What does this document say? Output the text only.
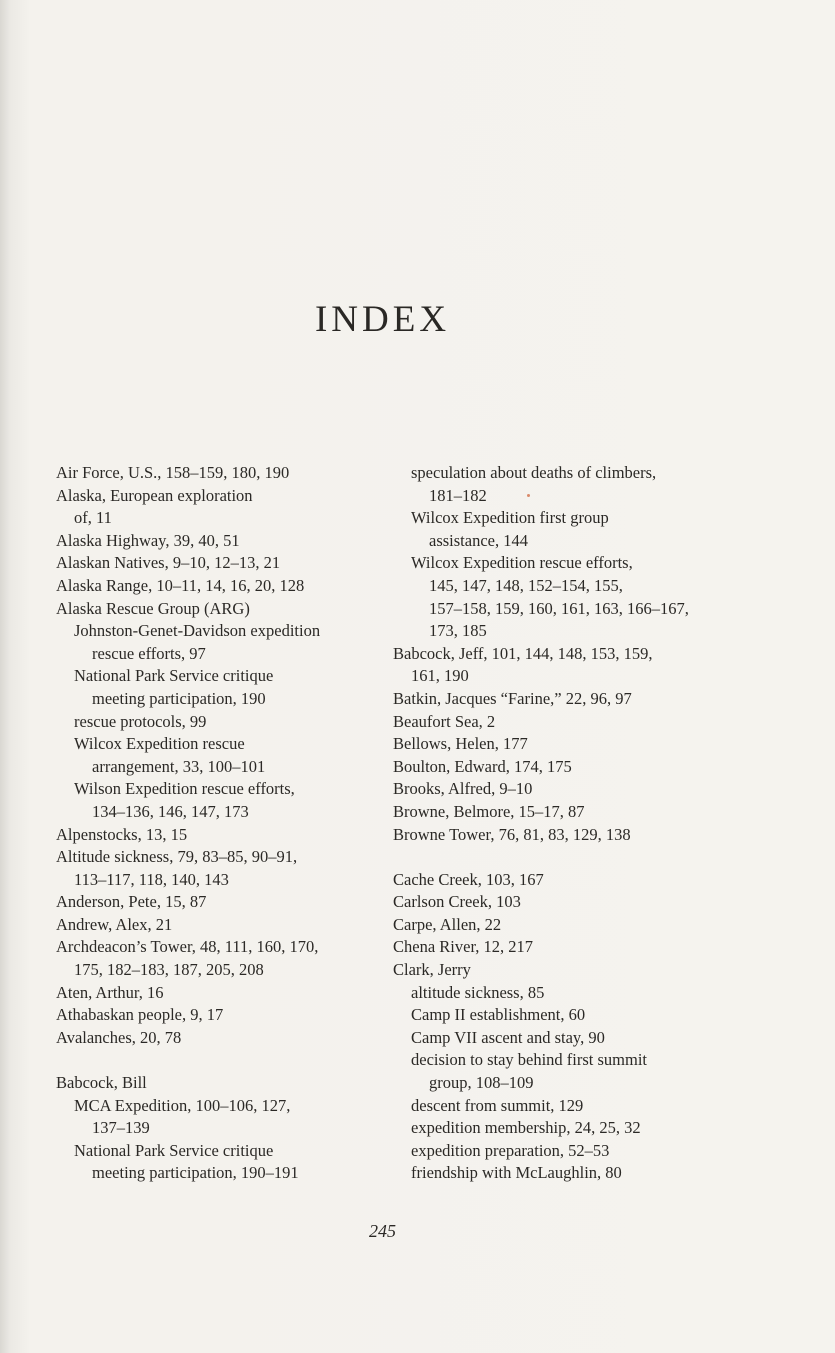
INDEX
Air Force, U.S., 158–159, 180, 190
Alaska, European exploration
of, 11
Alaska Highway, 39, 40, 51
Alaskan Natives, 9–10, 12–13, 21
Alaska Range, 10–11, 14, 16, 20, 128
Alaska Rescue Group (ARG)
Johnston-Genet-Davidson expedition
rescue efforts, 97
National Park Service critique
meeting participation, 190
rescue protocols, 99
Wilcox Expedition rescue
arrangement, 33, 100–101
Wilson Expedition rescue efforts,
134–136, 146, 147, 173
Alpenstocks, 13, 15
Altitude sickness, 79, 83–85, 90–91,
113–117, 118, 140, 143
Anderson, Pete, 15, 87
Andrew, Alex, 21
Archdeacon’s Tower, 48, 111, 160, 170,
175, 182–183, 187, 205, 208
Aten, Arthur, 16
Athabaskan people, 9, 17
Avalanches, 20, 78
Babcock, Bill
MCA Expedition, 100–106, 127,
137–139
National Park Service critique
meeting participation, 190–191
speculation about deaths of climbers,
181–182
Wilcox Expedition first group
assistance, 144
Wilcox Expedition rescue efforts,
145, 147, 148, 152–154, 155,
157–158, 159, 160, 161, 163, 166–167,
173, 185
Babcock, Jeff, 101, 144, 148, 153, 159,
161, 190
Batkin, Jacques “Farine,” 22, 96, 97
Beaufort Sea, 2
Bellows, Helen, 177
Boulton, Edward, 174, 175
Brooks, Alfred, 9–10
Browne, Belmore, 15–17, 87
Browne Tower, 76, 81, 83, 129, 138
Cache Creek, 103, 167
Carlson Creek, 103
Carpe, Allen, 22
Chena River, 12, 217
Clark, Jerry
altitude sickness, 85
Camp II establishment, 60
Camp VII ascent and stay, 90
decision to stay behind first summit
group, 108–109
descent from summit, 129
expedition membership, 24, 25, 32
expedition preparation, 52–53
friendship with McLaughlin, 80
245
